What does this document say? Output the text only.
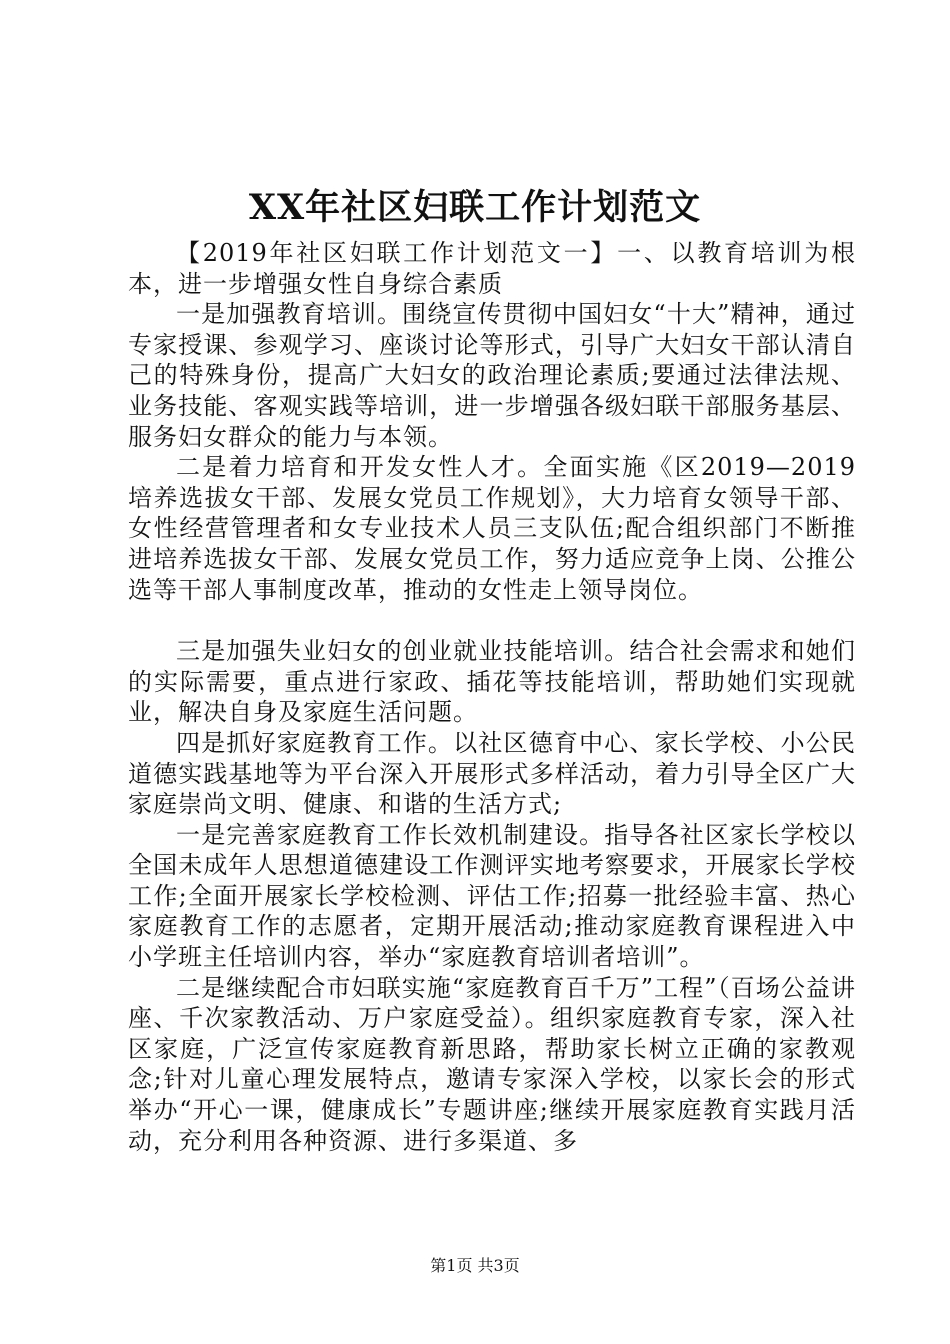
XX年社区妇联工作计划范文

【2019年社区妇联工作计划范文一】一、以教育培训为根本，进一步增强女性自身综合素质

一是加强教育培训。围绕宣传贯彻中国妇女“十大”精神，通过专家授课、参观学习、座谈讨论等形式，引导广大妇女干部认清自己的特殊身份，提高广大妇女的政治理论素质;要通过法律法规、业务技能、客观实践等培训，进一步增强各级妇联干部服务基层、服务妇女群众的能力与本领。

二是着力培育和开发女性人才。全面实施《区2019—2019培养选拔女干部、发展女党员工作规划》，大力培育女领导干部、女性经营管理者和女专业技术人员三支队伍;配合组织部门不断推进培养选拔女干部、发展女党员工作，努力适应竞争上岗、公推公选等干部人事制度改革，推动的女性走上领导岗位。

三是加强失业妇女的创业就业技能培训。结合社会需求和她们的实际需要，重点进行家政、插花等技能培训，帮助她们实现就业，解决自身及家庭生活问题。

四是抓好家庭教育工作。以社区德育中心、家长学校、小公民道德实践基地等为平台深入开展形式多样活动，着力引导全区广大家庭崇尚文明、健康、和谐的生活方式;

一是完善家庭教育工作长效机制建设。指导各社区家长学校以全国未成年人思想道德建设工作测评实地考察要求，开展家长学校工作;全面开展家长学校检测、评估工作;招募一批经验丰富、热心家庭教育工作的志愿者，定期开展活动;推动家庭教育课程进入中小学班主任培训内容，举办“家庭教育培训者培训”。

二是继续配合市妇联实施“家庭教育百千万”工程”（百场公益讲座、千次家教活动、万户家庭受益）。组织家庭教育专家，深入社区家庭，广泛宣传家庭教育新思路，帮助家长树立正确的家教观念;针对儿童心理发展特点，邀请专家深入学校，以家长会的形式举办“开心一课，健康成长”专题讲座;继续开展家庭教育实践月活动，充分利用各种资源、进行多渠道、多

第1页 共3页
